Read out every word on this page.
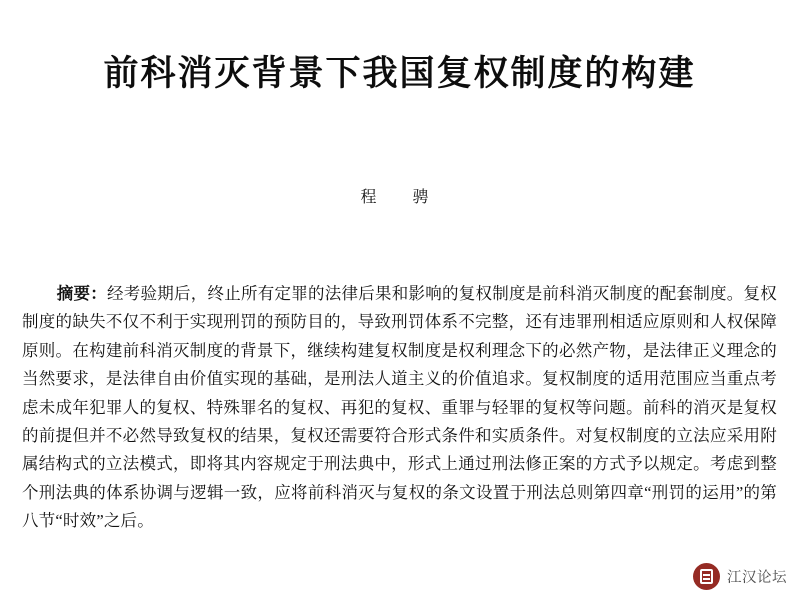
前科消灭背景下我国复权制度的构建
程　骋
摘要：经考验期后，终止所有定罪的法律后果和影响的复权制度是前科消灭制度的配套制度。复权制度的缺失不仅不利于实现刑罚的预防目的，导致刑罚体系不完整，还有违罪刑相适应原则和人权保障原则。在构建前科消灭制度的背景下，继续构建复权制度是权利理念下的必然产物，是法律正义理念的当然要求，是法律自由价值实现的基础，是刑法人道主义的价值追求。复权制度的适用范围应当重点考虑未成年犯罪人的复权、特殊罪名的复权、再犯的复权、重罪与轻罪的复权等问题。前科的消灭是复权的前提但并不必然导致复权的结果，复权还需要符合形式条件和实质条件。对复权制度的立法应采用附属结构式的立法模式，即将其内容规定于刑法典中，形式上通过刑法修正案的方式予以规定。考虑到整个刑法典的体系协调与逻辑一致，应将前科消灭与复权的条文设置于刑法总则第四章“刑罚的运用”的第八节“时效”之后。
江汉论坛
